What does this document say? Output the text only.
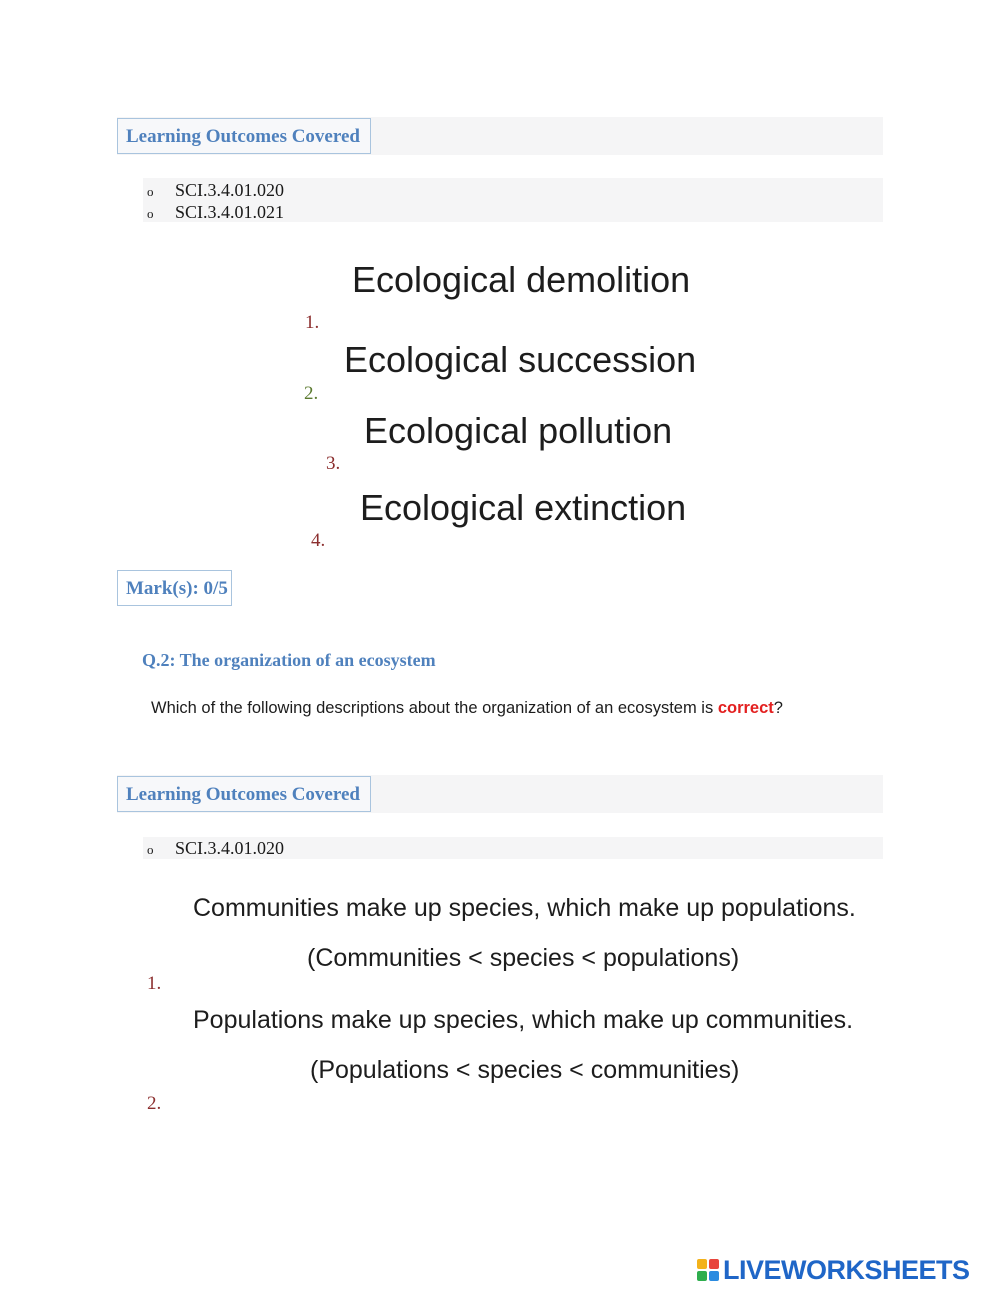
Learning Outcomes Covered
o SCI.3.4.01.020
o SCI.3.4.01.021
Ecological demolition
1.
Ecological succession
2.
Ecological pollution
3.
Ecological extinction
4.
Mark(s): 0/5
Q.2: The organization of an ecosystem
Which of the following descriptions about the organization of an ecosystem is correct?
Learning Outcomes Covered
o SCI.3.4.01.020
Communities make up species, which make up populations.
(Communities < species < populations)
1.
Populations make up species, which make up communities.
(Populations < species < communities)
2.
LIVEWORKSHEETS
